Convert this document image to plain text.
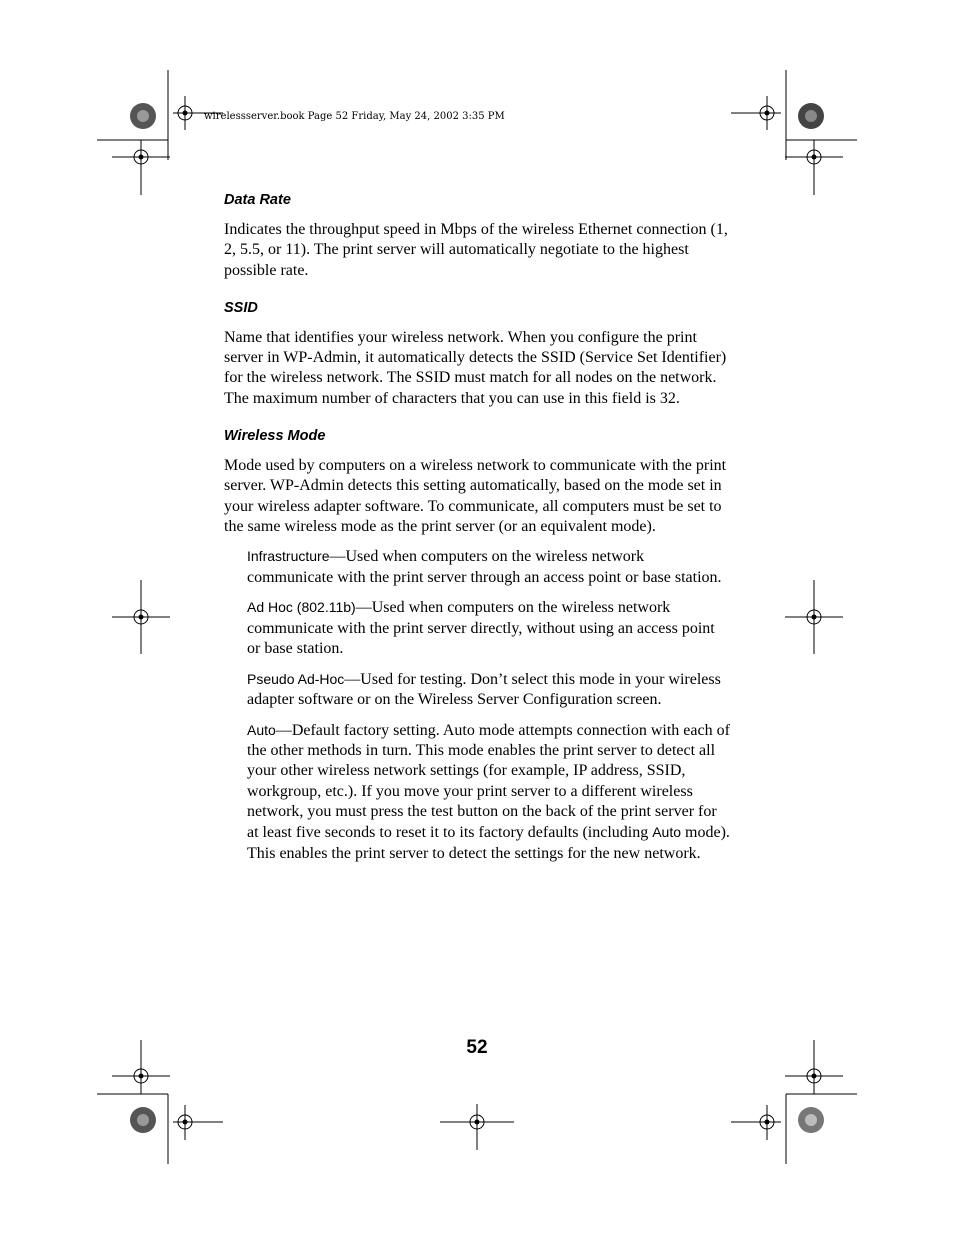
wirelessserver.book Page 52 Friday, May 24, 2002 3:35 PM
Data Rate

Indicates the throughput speed in Mbps of the wireless Ethernet connection (1, 2, 5.5, or 11). The print server will automatically negotiate to the highest possible rate.

SSID

Name that identifies your wireless network. When you configure the print server in WP-Admin, it automatically detects the SSID (Service Set Identifier) for the wireless network. The SSID must match for all nodes on the network. The maximum number of characters that you can use in this field is 32.

Wireless Mode

Mode used by computers on a wireless network to communicate with the print server. WP-Admin detects this setting automatically, based on the mode set in your wireless adapter software. To communicate, all computers must be set to the same wireless mode as the print server (or an equivalent mode).

Infrastructure—Used when computers on the wireless network communicate with the print server through an access point or base station.

Ad Hoc (802.11b)—Used when computers on the wireless network communicate with the print server directly, without using an access point or base station.

Pseudo Ad-Hoc—Used for testing. Don’t select this mode in your wireless adapter software or on the Wireless Server Configuration screen.

Auto—Default factory setting. Auto mode attempts connection with each of the other methods in turn. This mode enables the print server to detect all your other wireless network settings (for example, IP address, SSID, workgroup, etc.). If you move your print server to a different wireless network, you must press the test button on the back of the print server for at least five seconds to reset it to its factory defaults (including Auto mode). This enables the print server to detect the settings for the new network.

52
